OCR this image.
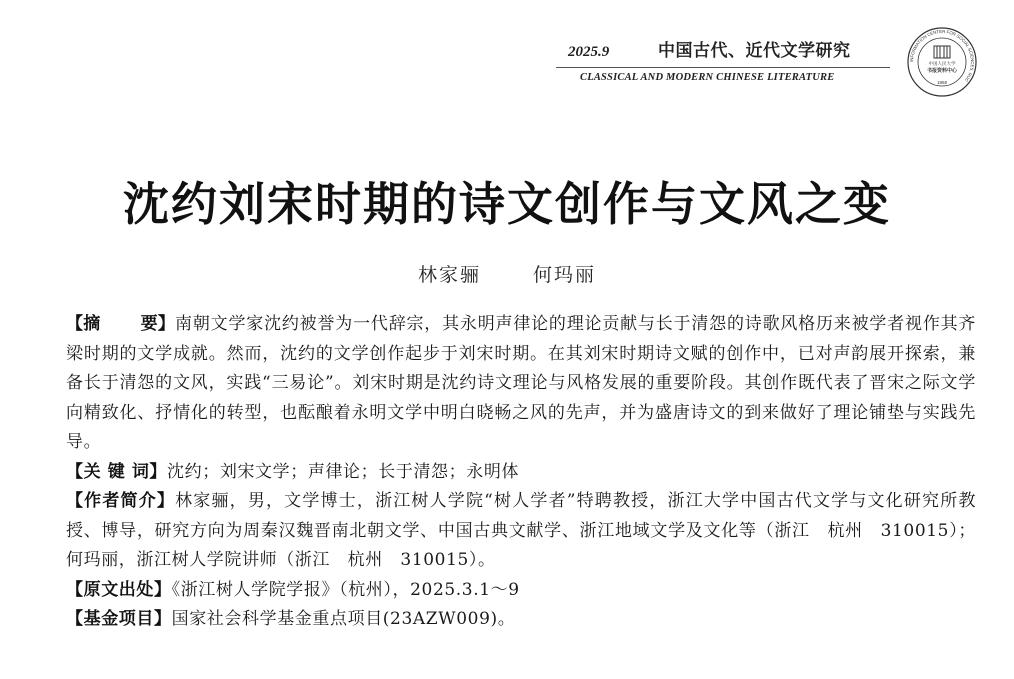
2025.9	中国古代、近代文学研究
CLASSICAL AND MODERN CHINESE LITERATURE
INFORMATION CENTER FOR SOCIAL SCIENCES, RUC
中国人民大学
书报资料中心
1958
沈约刘宋时期的诗文创作与文风之变
林家骊	何玛丽

【摘 要】南朝文学家沈约被誉为一代辞宗，其永明声律论的理论贡献与长于清怨的诗歌风格历来被学者视作其齐梁时期的文学成就。然而，沈约的文学创作起步于刘宋时期。在其刘宋时期诗文赋的创作中，已对声韵展开探索，兼备长于清怨的文风，实践“三易论”。刘宋时期是沈约诗文理论与风格发展的重要阶段。其创作既代表了晋宋之际文学向精致化、抒情化的转型，也酝酿着永明文学中明白晓畅之风的先声，并为盛唐诗文的到来做好了理论铺垫与实践先导。

【关 键 词】沈约；刘宋文学；声律论；长于清怨；永明体

【作者简介】林家骊，男，文学博士，浙江树人学院“树人学者”特聘教授，浙江大学中国古代文学与文化研究所教授、博导，研究方向为周秦汉魏晋南北朝文学、中国古典文献学、浙江地域文学及文化等（浙江　杭州　310015）；何玛丽，浙江树人学院讲师（浙江　杭州　310015）。

【原文出处】《浙江树人学院学报》（杭州），2025.3.1～9

【基金项目】国家社会科学基金重点项目(23AZW009)。
